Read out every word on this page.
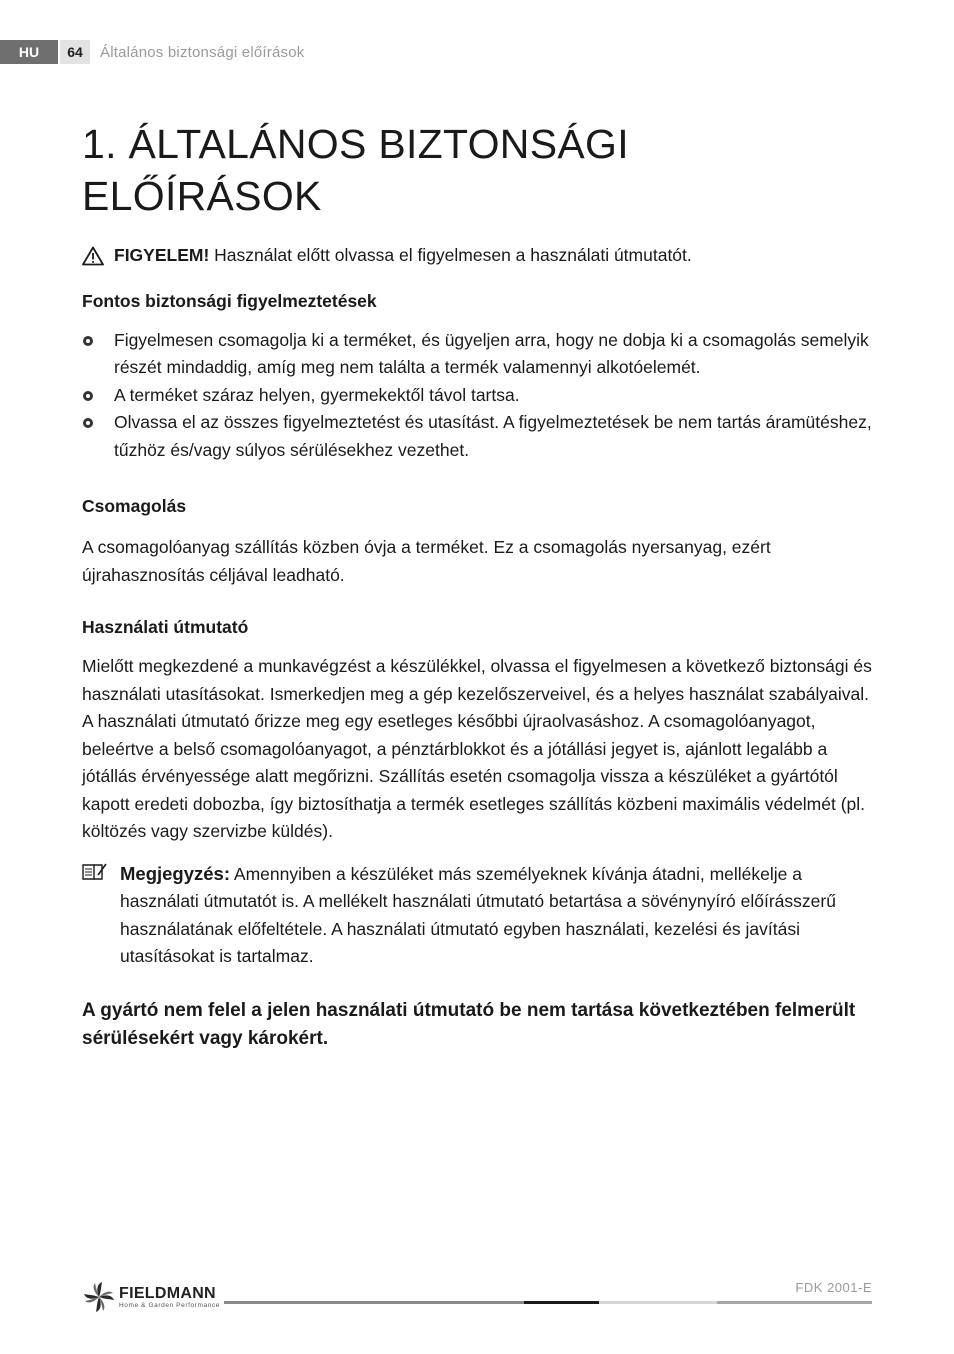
HU	64	Általános biztonsági előírások
1. ÁLTALÁNOS BIZTONSÁGI ELŐÍRÁSOK

FIGYELEM! Használat előtt olvassa el figyelmesen a használati útmutatót.

Fontos biztonsági figyelmeztetések

Figyelmesen csomagolja ki a terméket, és ügyeljen arra, hogy ne dobja ki a csomagolás semelyik részét mindaddig, amíg meg nem találta a termék valamennyi alkotóelemét.
A terméket száraz helyen, gyermekektől távol tartsa.
Olvassa el az összes figyelmeztetést és utasítást. A figyelmeztetések be nem tartás áramütéshez, tűzhöz és/vagy súlyos sérülésekhez vezethet.

Csomagolás

A csomagolóanyag szállítás közben óvja a terméket. Ez a csomagolás nyersanyag, ezért újrahasznosítás céljával leadható.

Használati útmutató

Mielőtt megkezdené a munkavégzést a készülékkel, olvassa el figyelmesen a következő biztonsági és használati utasításokat. Ismerkedjen meg a gép kezelőszerveivel, és a helyes használat szabályaival. A használati útmutató őrizze meg egy esetleges későbbi újraolvasáshoz. A csomagolóanyagot, beleértve a belső csomagolóanyagot, a pénztárblokkot és a jótállási jegyet is, ajánlott legalább a jótállás érvényessége alatt megőrizni. Szállítás esetén csomagolja vissza a készüléket a gyártótól kapott eredeti dobozba, így biztosíthatja a termék esetleges szállítás közbeni maximális védelmét (pl. költözés vagy szervizbe küldés).

Megjegyzés: Amennyiben a készüléket más személyeknek kívánja átadni, mellékelje a használati útmutatót is. A mellékelt használati útmutató betartása a sövénynyíró előírásszerű használatának előfeltétele. A használati útmutató egyben használati, kezelési és javítási utasításokat is tartalmaz.

A gyártó nem felel a jelen használati útmutató be nem tartása következtében felmerült sérülésekért vagy károkért.

FIELDMANN
Home & Garden Performance
FDK 2001-E
